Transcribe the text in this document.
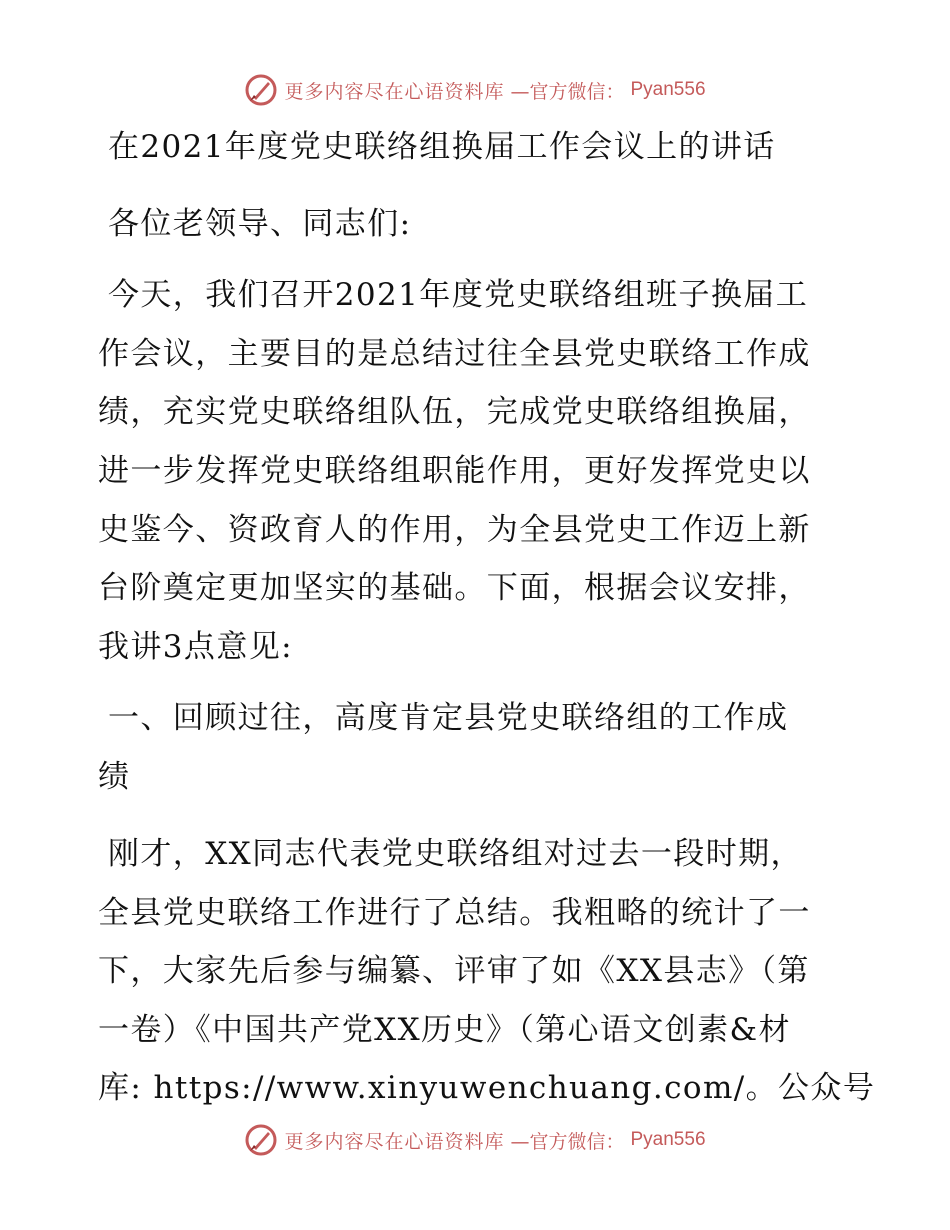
更多内容尽在心语资料库 —官方微信： Pyan556
在2021年度党史联络组换届工作会议上的讲话
各位老领导、同志们:
今天，我们召开2021年度党史联络组班子换届工
作会议，主要目的是总结过往全县党史联络工作成
绩，充实党史联络组队伍，完成党史联络组换届，
进一步发挥党史联络组职能作用，更好发挥党史以
史鉴今、资政育人的作用，为全县党史工作迈上新
台阶奠定更加坚实的基础。下面，根据会议安排，
我讲3点意见:
一、回顾过往，高度肯定县党史联络组的工作成
绩
刚才，XX同志代表党史联络组对过去一段时期，
全县党史联络工作进行了总结。我粗略的统计了一
下，大家先后参与编纂、评审了如《XX县志》（第
一卷）《中国共产党XX历史》（第心语文创素&材
库: https://www.xinyuwenchuang.com/。公众号
更多内容尽在心语资料库 —官方微信： Pyan556
